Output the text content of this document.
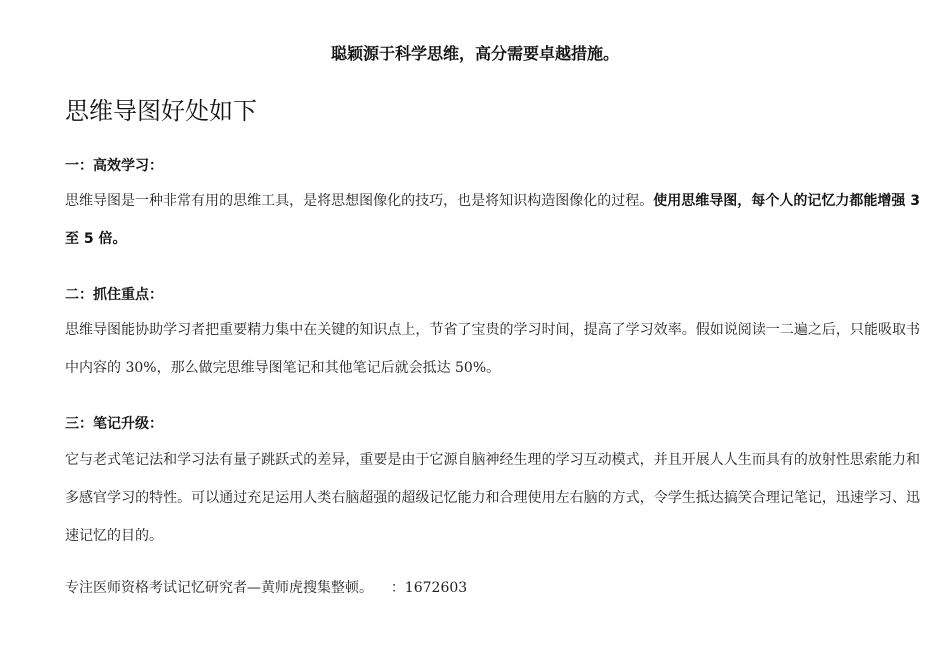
聪颖源于科学思维，高分需要卓越措施。
思维导图好处如下
一：高效学习：

思维导图是一种非常有用的思维工具，是将思想图像化的技巧，也是将知识构造图像化的过程。使用思维导图，每个人的记忆力都能增强 3 至 5 倍。

二：抓住重点：

思维导图能协助学习者把重要精力集中在关键的知识点上，节省了宝贵的学习时间，提高了学习效率。假如说阅读一二遍之后，只能吸取书中内容的 30%，那么做完思维导图笔记和其他笔记后就会抵达 50%。

三：笔记升级：

它与老式笔记法和学习法有量子跳跃式的差异，重要是由于它源自脑神经生理的学习互动模式，并且开展人人生而具有的放射性思索能力和多感官学习的特性。可以通过充足运用人类右脑超强的超级记忆能力和合理使用左右脑的方式，令学生抵达搞笑合理记笔记，迅速学习、迅速记忆的目的。

专注医师资格考试记忆研究者—黄师虎搜集整顿。 ：1672603
